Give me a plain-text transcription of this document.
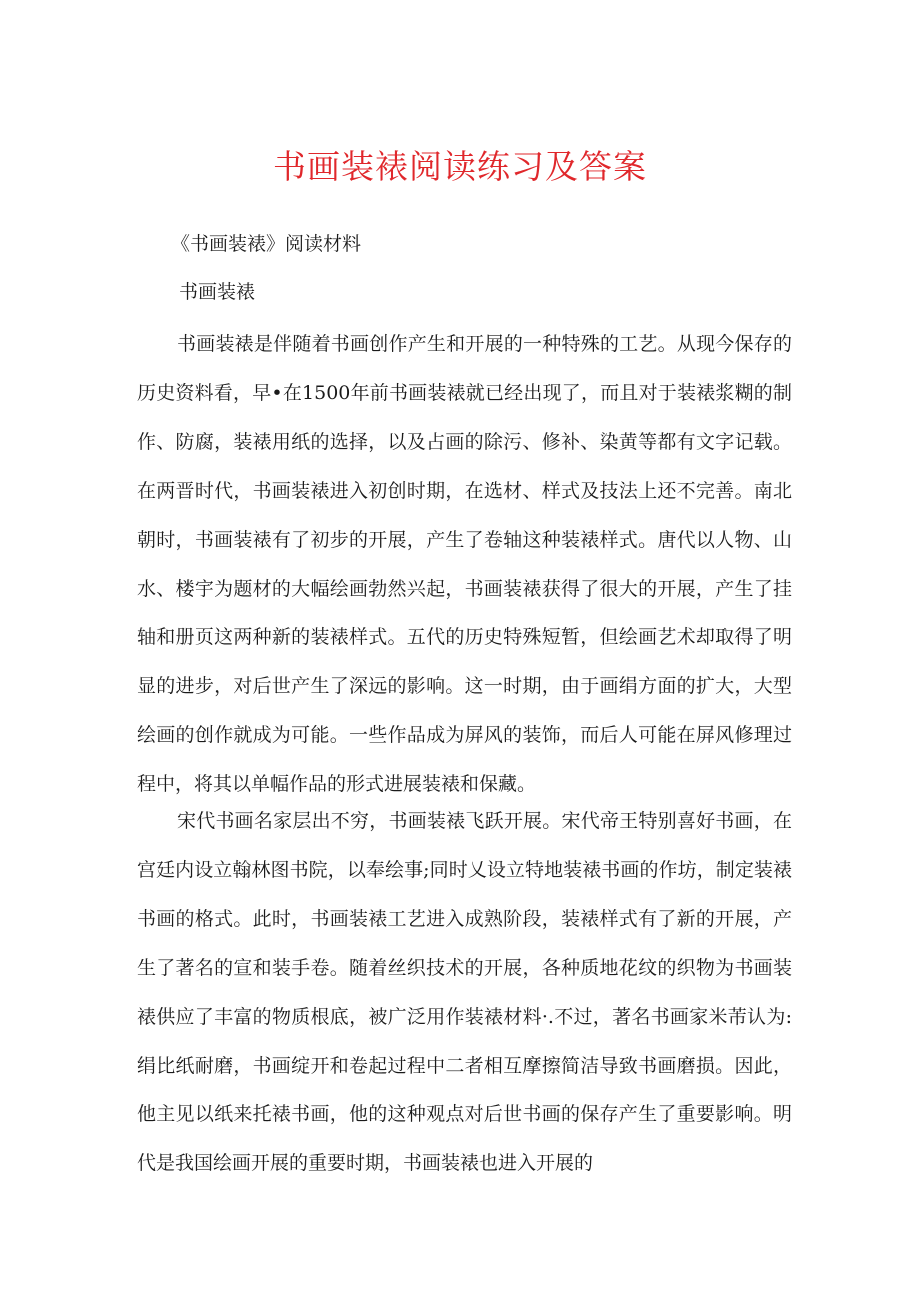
书画装裱阅读练习及答案

《书画装裱》阅读材料

书画装裱

书画装裱是伴随着书画创作产生和开展的一种特殊的工艺。从现今保存的历史资料看，早•在1500年前书画装裱就已经出现了，而且对于装裱浆糊的制作、防腐，装裱用纸的选择，以及占画的除污、修补、染黄等都有文字记载。在两晋时代，书画装裱进入初创时期，在选材、样式及技法上还不完善。南北朝时，书画装裱有了初步的开展，产生了卷轴这种装裱样式。唐代以人物、山水、楼宇为题材的大幅绘画勃然兴起，书画装裱获得了很大的开展，产生了挂轴和册页这两种新的装裱样式。五代的历史特殊短暂，但绘画艺术却取得了明显的进步，对后世产生了深远的影响。这一时期，由于画绢方面的扩大，大型绘画的创作就成为可能。一些作品成为屏风的装饰，而后人可能在屏风修理过程中，将其以单幅作品的形式进展装裱和保藏。

宋代书画名家层出不穷，书画装裱飞跃开展。宋代帝王特别喜好书画，在宫廷内设立翰林图书院，以奉绘事;同时乂设立特地装裱书画的作坊，制定装裱书画的格式。此时，书画装裱工艺进入成熟阶段，装裱样式有了新的开展，产生了著名的宣和装手卷。随着丝织技术的开展，各种质地花纹的织物为书画装裱供应了丰富的物质根底，被广泛用作装裱材料·.不过，著名书画家米芾认为:绢比纸耐磨，书画绽开和卷起过程中二者相互摩擦简洁导致书画磨损。因此，他主见以纸来托裱书画，他的这种观点对后世书画的保存产生了重要影响。明代是我国绘画开展的重要时期，书画装裱也进入开展的
